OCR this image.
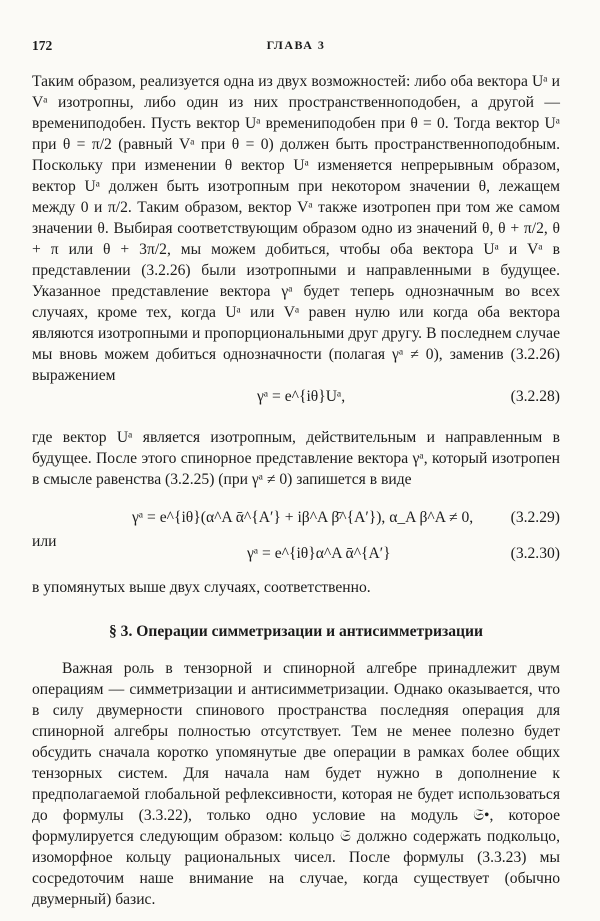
172	ГЛАВА 3

Таким образом, реализуется одна из двух возможностей: либо оба вектора Uᵃ и Vᵃ изотропны, либо один из них пространственноподобен, а другой — времениподобен. Пусть вектор Uᵃ времениподобен при θ = 0. Тогда вектор Uᵃ при θ = π/2 (равный Vᵃ при θ = 0) должен быть пространственноподобным. Поскольку при изменении θ вектор Uᵃ изменяется непрерывным образом, вектор Uᵃ должен быть изотропным при некотором значении θ, лежащем между 0 и π/2. Таким образом, вектор Vᵃ также изотропен при том же самом значении θ. Выбирая соответствующим образом одно из значений θ, θ + π/2, θ + π или θ + 3π/2, мы можем добиться, чтобы оба вектора Uᵃ и Vᵃ в представлении (3.2.26) были изотропными и направленными в будущее. Указанное представление вектора γᵃ будет теперь однозначным во всех случаях, кроме тех, когда Uᵃ или Vᵃ равен нулю или когда оба вектора являются изотропными и пропорциональными друг другу. В последнем случае мы вновь можем добиться однозначности (полагая γᵃ ≠ 0), заменив (3.2.26) выражением

γᵃ = e^{iθ}Uᵃ,	(3.2.28)

где вектор Uᵃ является изотропным, действительным и направленным в будущее. После этого спинорное представление вектора γᵃ, который изотропен в смысле равенства (3.2.25) (при γᵃ ≠ 0) запишется в виде

γᵃ = e^{iθ}(α^A ᾱ^{A′} + iβ^A β̄^{A′}), α_A β^A ≠ 0, (3.2.29)
или
γᵃ = e^{iθ}α^A ᾱ^{A′}	(3.2.30)

в упомянутых выше двух случаях, соответственно.

§ 3. Операции симметризации и антисимметризации

Важная роль в тензорной и спинорной алгебре принадлежит двум операциям — симметризации и антисимметризации. Однако оказывается, что в силу двумерности спинового пространства последняя операция для спинорной алгебры полностью отсутствует. Тем не менее полезно будет обсудить сначала коротко упомянутые две операции в рамках более общих тензорных систем. Для начала нам будет нужно в дополнение к предполагаемой глобальной рефлексивности, которая не будет использоваться до формулы (3.3.22), только одно условие на модуль 𝔖•, которое формулируется следующим образом: кольцо 𝔖 должно содержать подкольцо, изоморфное кольцу рациональных чисел. После формулы (3.3.23) мы сосредоточим наше внимание на случае, когда существует (обычно двумерный) базис.
